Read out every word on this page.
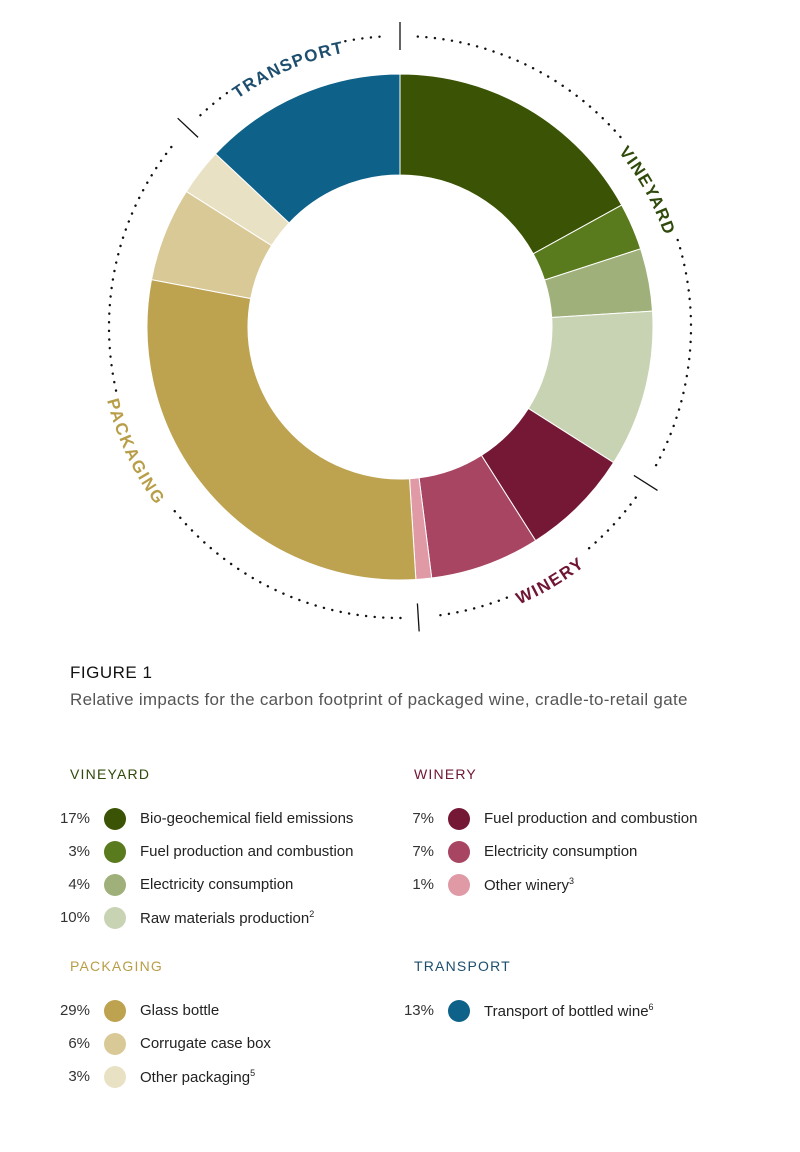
VINEYARD
WINERY
PACKAGING
TRANSPORT
FIGURE 1
Relative impacts for the carbon footprint of packaged wine, cradle-to-retail gate
VINEYARD
17%	Bio-geochemical field emissions
3%	Fuel production and combustion
4%	Electricity consumption
10%	Raw materials production$^2$
WINERY
7%	Fuel production and combustion
7%	Electricity consumption
1%	Other winery$^3$
PACKAGING
29%	Glass bottle
6%	Corrugate case box
3%	Other packaging$^5$
TRANSPORT
13%	Transport of bottled wine$^6$
